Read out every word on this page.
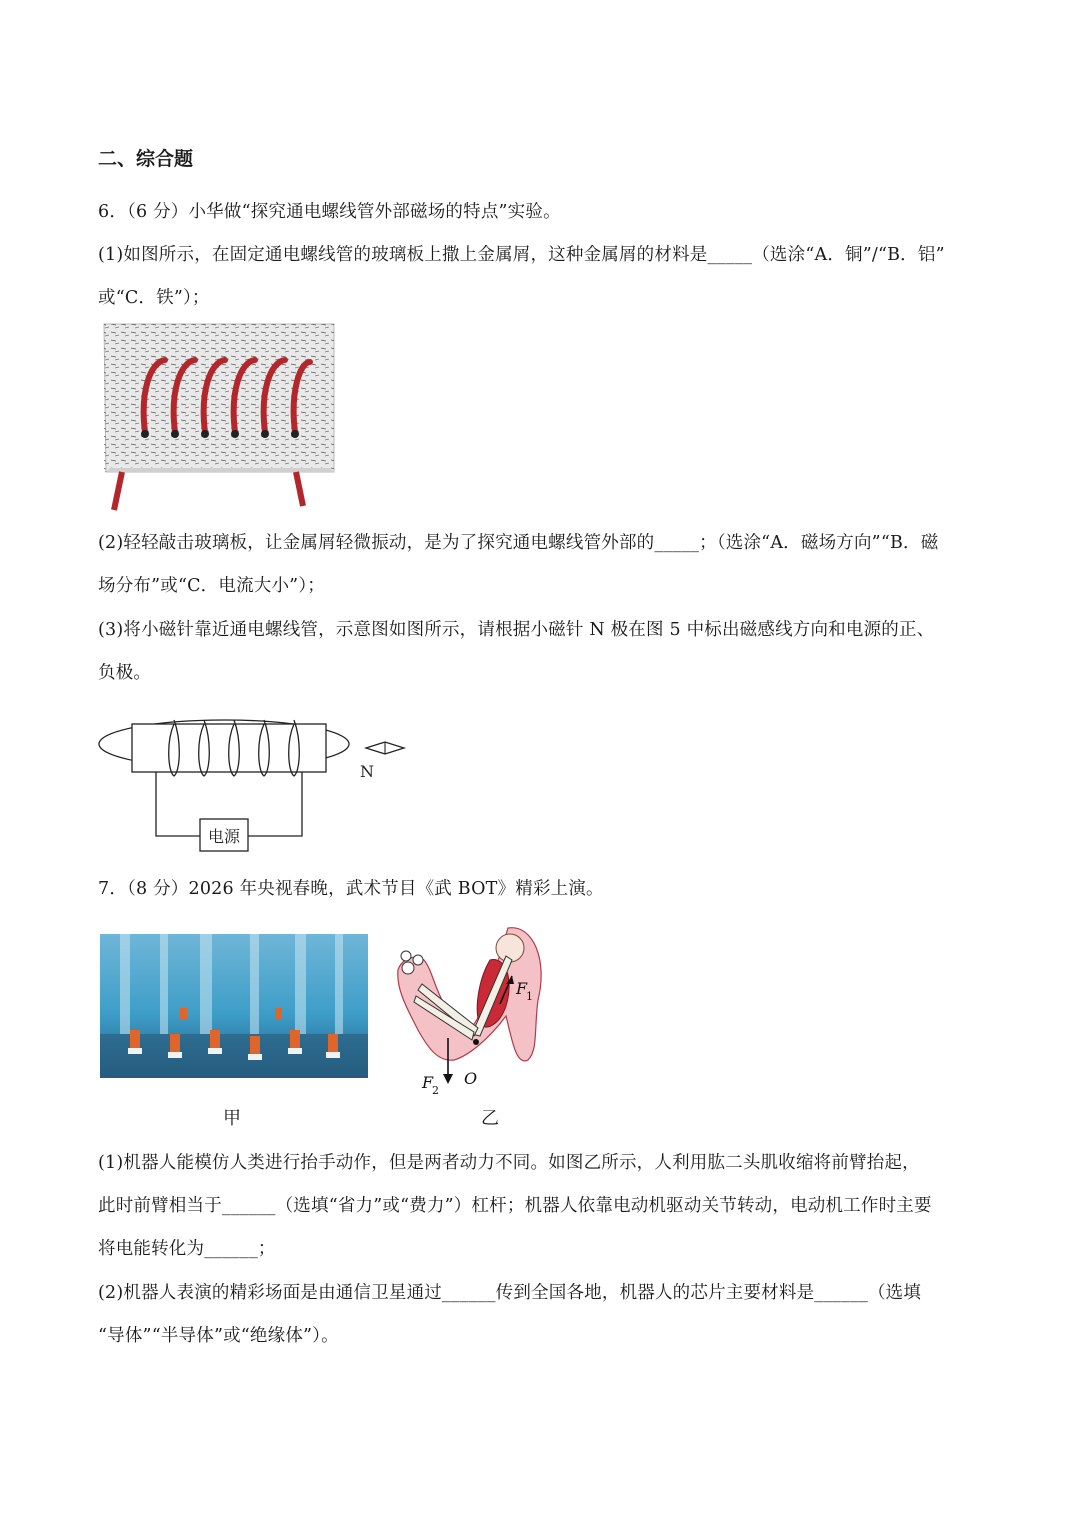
二、综合题
6．（6 分）小华做“探究通电螺线管外部磁场的特点”实验。
(1)如图所示，在固定通电螺线管的玻璃板上撒上金属屑，这种金属屑的材料是_____（选涂“A．铜”/“B．铝”
或“C．铁”）；
(2)轻轻敲击玻璃板，让金属屑轻微振动，是为了探究通电螺线管外部的_____；（选涂“A．磁场方向”“B．磁
场分布”或“C．电流大小”）；
(3)将小磁针靠近通电螺线管，示意图如图所示，请根据小磁针 N 极在图 5 中标出磁感线方向和电源的正、
负极。
电源
N
7．（8 分）2026 年央视春晚，武术节目《武 BOT》精彩上演。
F
1
F
2
O
甲	乙
(1)机器人能模仿人类进行抬手动作，但是两者动力不同。如图乙所示，人利用肱二头肌收缩将前臂抬起，
此时前臂相当于______（选填“省力”或“费力”）杠杆；机器人依靠电动机驱动关节转动，电动机工作时主要
将电能转化为______；
(2)机器人表演的精彩场面是由通信卫星通过______传到全国各地，机器人的芯片主要材料是______（选填
“导体”“半导体”或“绝缘体”）。
